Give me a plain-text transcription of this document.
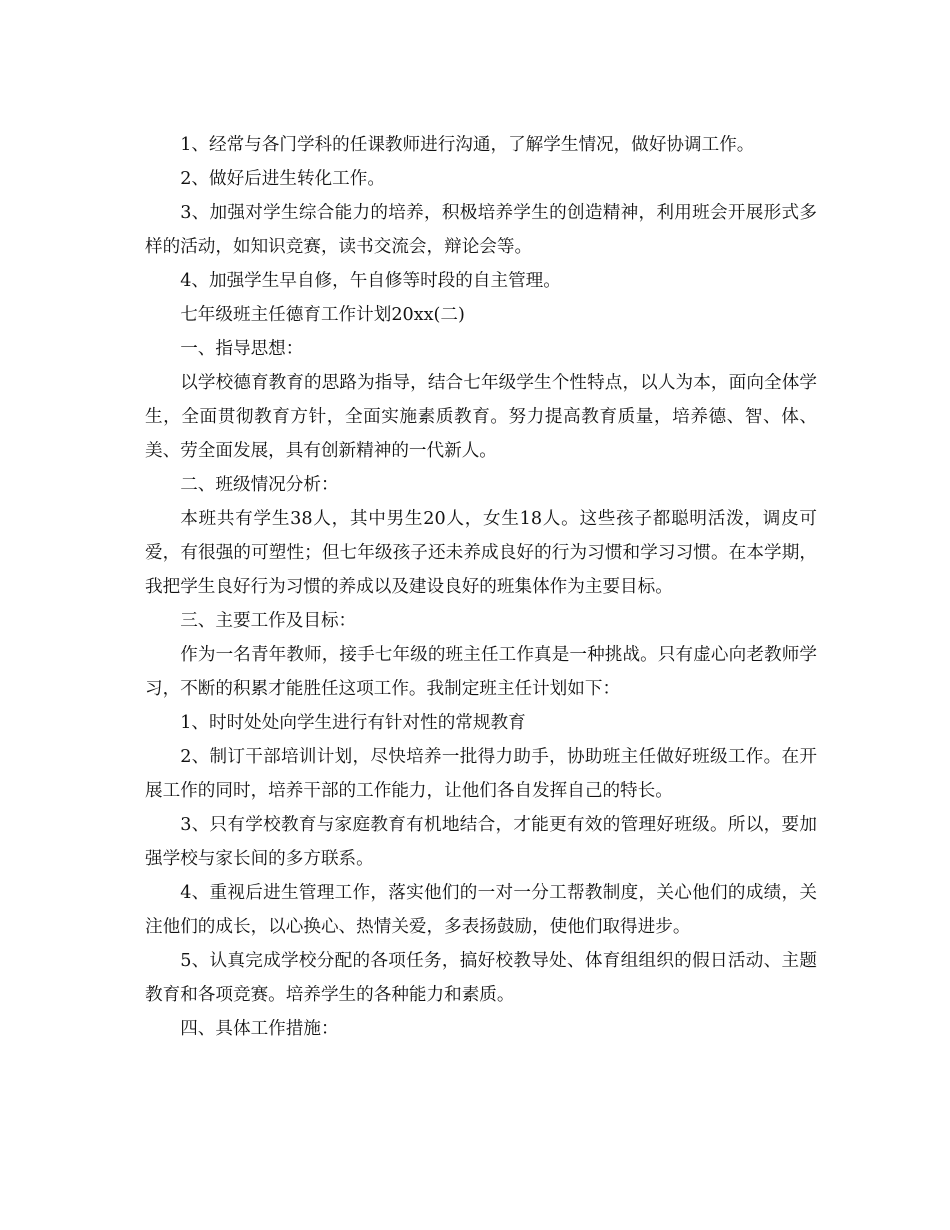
1、经常与各门学科的任课教师进行沟通，了解学生情况，做好协调工作。

2、做好后进生转化工作。

3、加强对学生综合能力的培养，积极培养学生的创造精神，利用班会开展形式多样的活动，如知识竞赛，读书交流会，辩论会等。

4、加强学生早自修，午自修等时段的自主管理。

七年级班主任德育工作计划20xx(二)

一、指导思想：

以学校德育教育的思路为指导，结合七年级学生个性特点，以人为本，面向全体学生，全面贯彻教育方针，全面实施素质教育。努力提高教育质量，培养德、智、体、美、劳全面发展，具有创新精神的一代新人。

二、班级情况分析：

本班共有学生38人，其中男生20人，女生18人。这些孩子都聪明活泼，调皮可爱，有很强的可塑性；但七年级孩子还未养成良好的行为习惯和学习习惯。在本学期，我把学生良好行为习惯的养成以及建设良好的班集体作为主要目标。

三、主要工作及目标：

作为一名青年教师，接手七年级的班主任工作真是一种挑战。只有虚心向老教师学习，不断的积累才能胜任这项工作。我制定班主任计划如下：

1、时时处处向学生进行有针对性的常规教育

2、制订干部培训计划，尽快培养一批得力助手，协助班主任做好班级工作。在开展工作的同时，培养干部的工作能力，让他们各自发挥自己的特长。

3、只有学校教育与家庭教育有机地结合，才能更有效的管理好班级。所以，要加强学校与家长间的多方联系。

4、重视后进生管理工作，落实他们的一对一分工帮教制度，关心他们的成绩，关注他们的成长，以心换心、热情关爱，多表扬鼓励，使他们取得进步。

5、认真完成学校分配的各项任务，搞好校教导处、体育组组织的假日活动、主题教育和各项竞赛。培养学生的各种能力和素质。

四、具体工作措施：
